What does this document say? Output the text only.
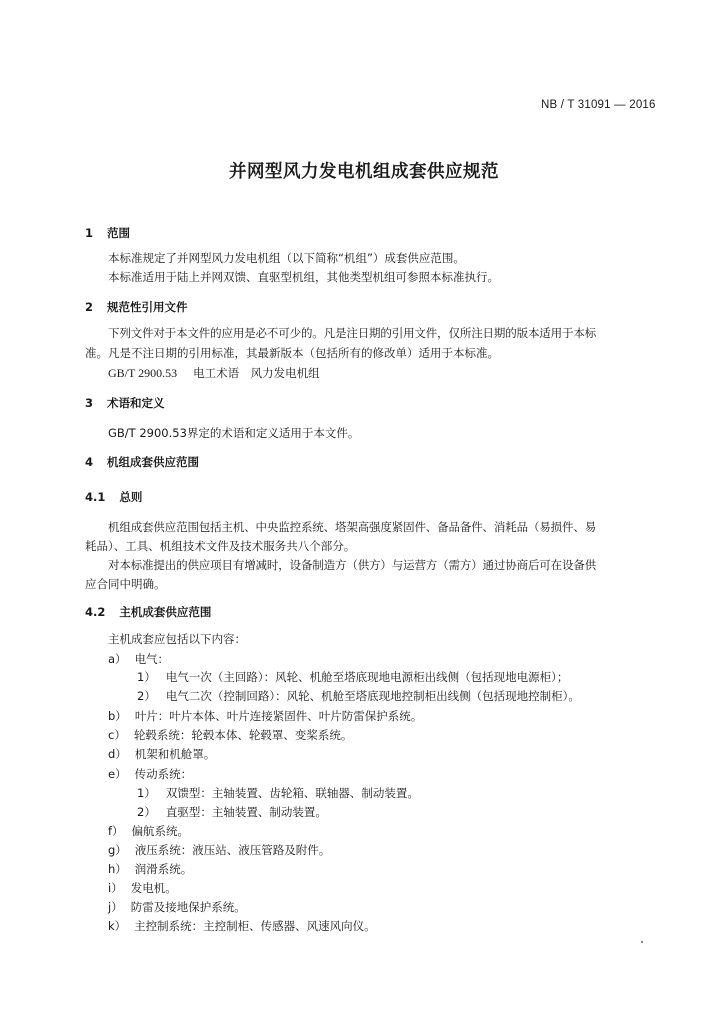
NB / T 31091 — 2016
并网型风力发电机组成套供应规范
1 范围
本标准规定了并网型风力发电机组（以下简称“机组”）成套供应范围。
本标准适用于陆上并网双馈、直驱型机组，其他类型机组可参照本标准执行。
2 规范性引用文件
下列文件对于本文件的应用是必不可少的。凡是注日期的引用文件，仅所注日期的版本适用于本标
准。凡是不注日期的引用标准，其最新版本（包括所有的修改单）适用于本标准。
GB/T 2900.53 电工术语　风力发电机组
3 术语和定义
GB/T 2900.53界定的术语和定义适用于本文件。
4 机组成套供应范围
4.1 总则
机组成套供应范围包括主机、中央监控系统、塔架高强度紧固件、备品备件、消耗品（易损件、易
耗品）、工具、机组技术文件及技术服务共八个部分。
对本标准提出的供应项目有增减时，设备制造方（供方）与运营方（需方）通过协商后可在设备供
应合同中明确。
4.2 主机成套供应范围
主机成套应包括以下内容：
a） 电气：
1） 电气一次（主回路）：风轮、机舱至塔底现地电源柜出线侧（包括现地电源柜）；
2） 电气二次（控制回路）：风轮、机舱至塔底现地控制柜出线侧（包括现地控制柜）。
b） 叶片：叶片本体、叶片连接紧固件、叶片防雷保护系统。
c） 轮毂系统：轮毂本体、轮毂罩、变桨系统。
d） 机架和机舱罩。
e） 传动系统：
1） 双馈型：主轴装置、齿轮箱、联轴器、制动装置。
2） 直驱型：主轴装置、制动装置。
f） 偏航系统。
g） 液压系统：液压站、液压管路及附件。
h） 润滑系统。
i） 发电机。
j） 防雷及接地保护系统。
k） 主控制系统：主控制柜、传感器、风速风向仪。
